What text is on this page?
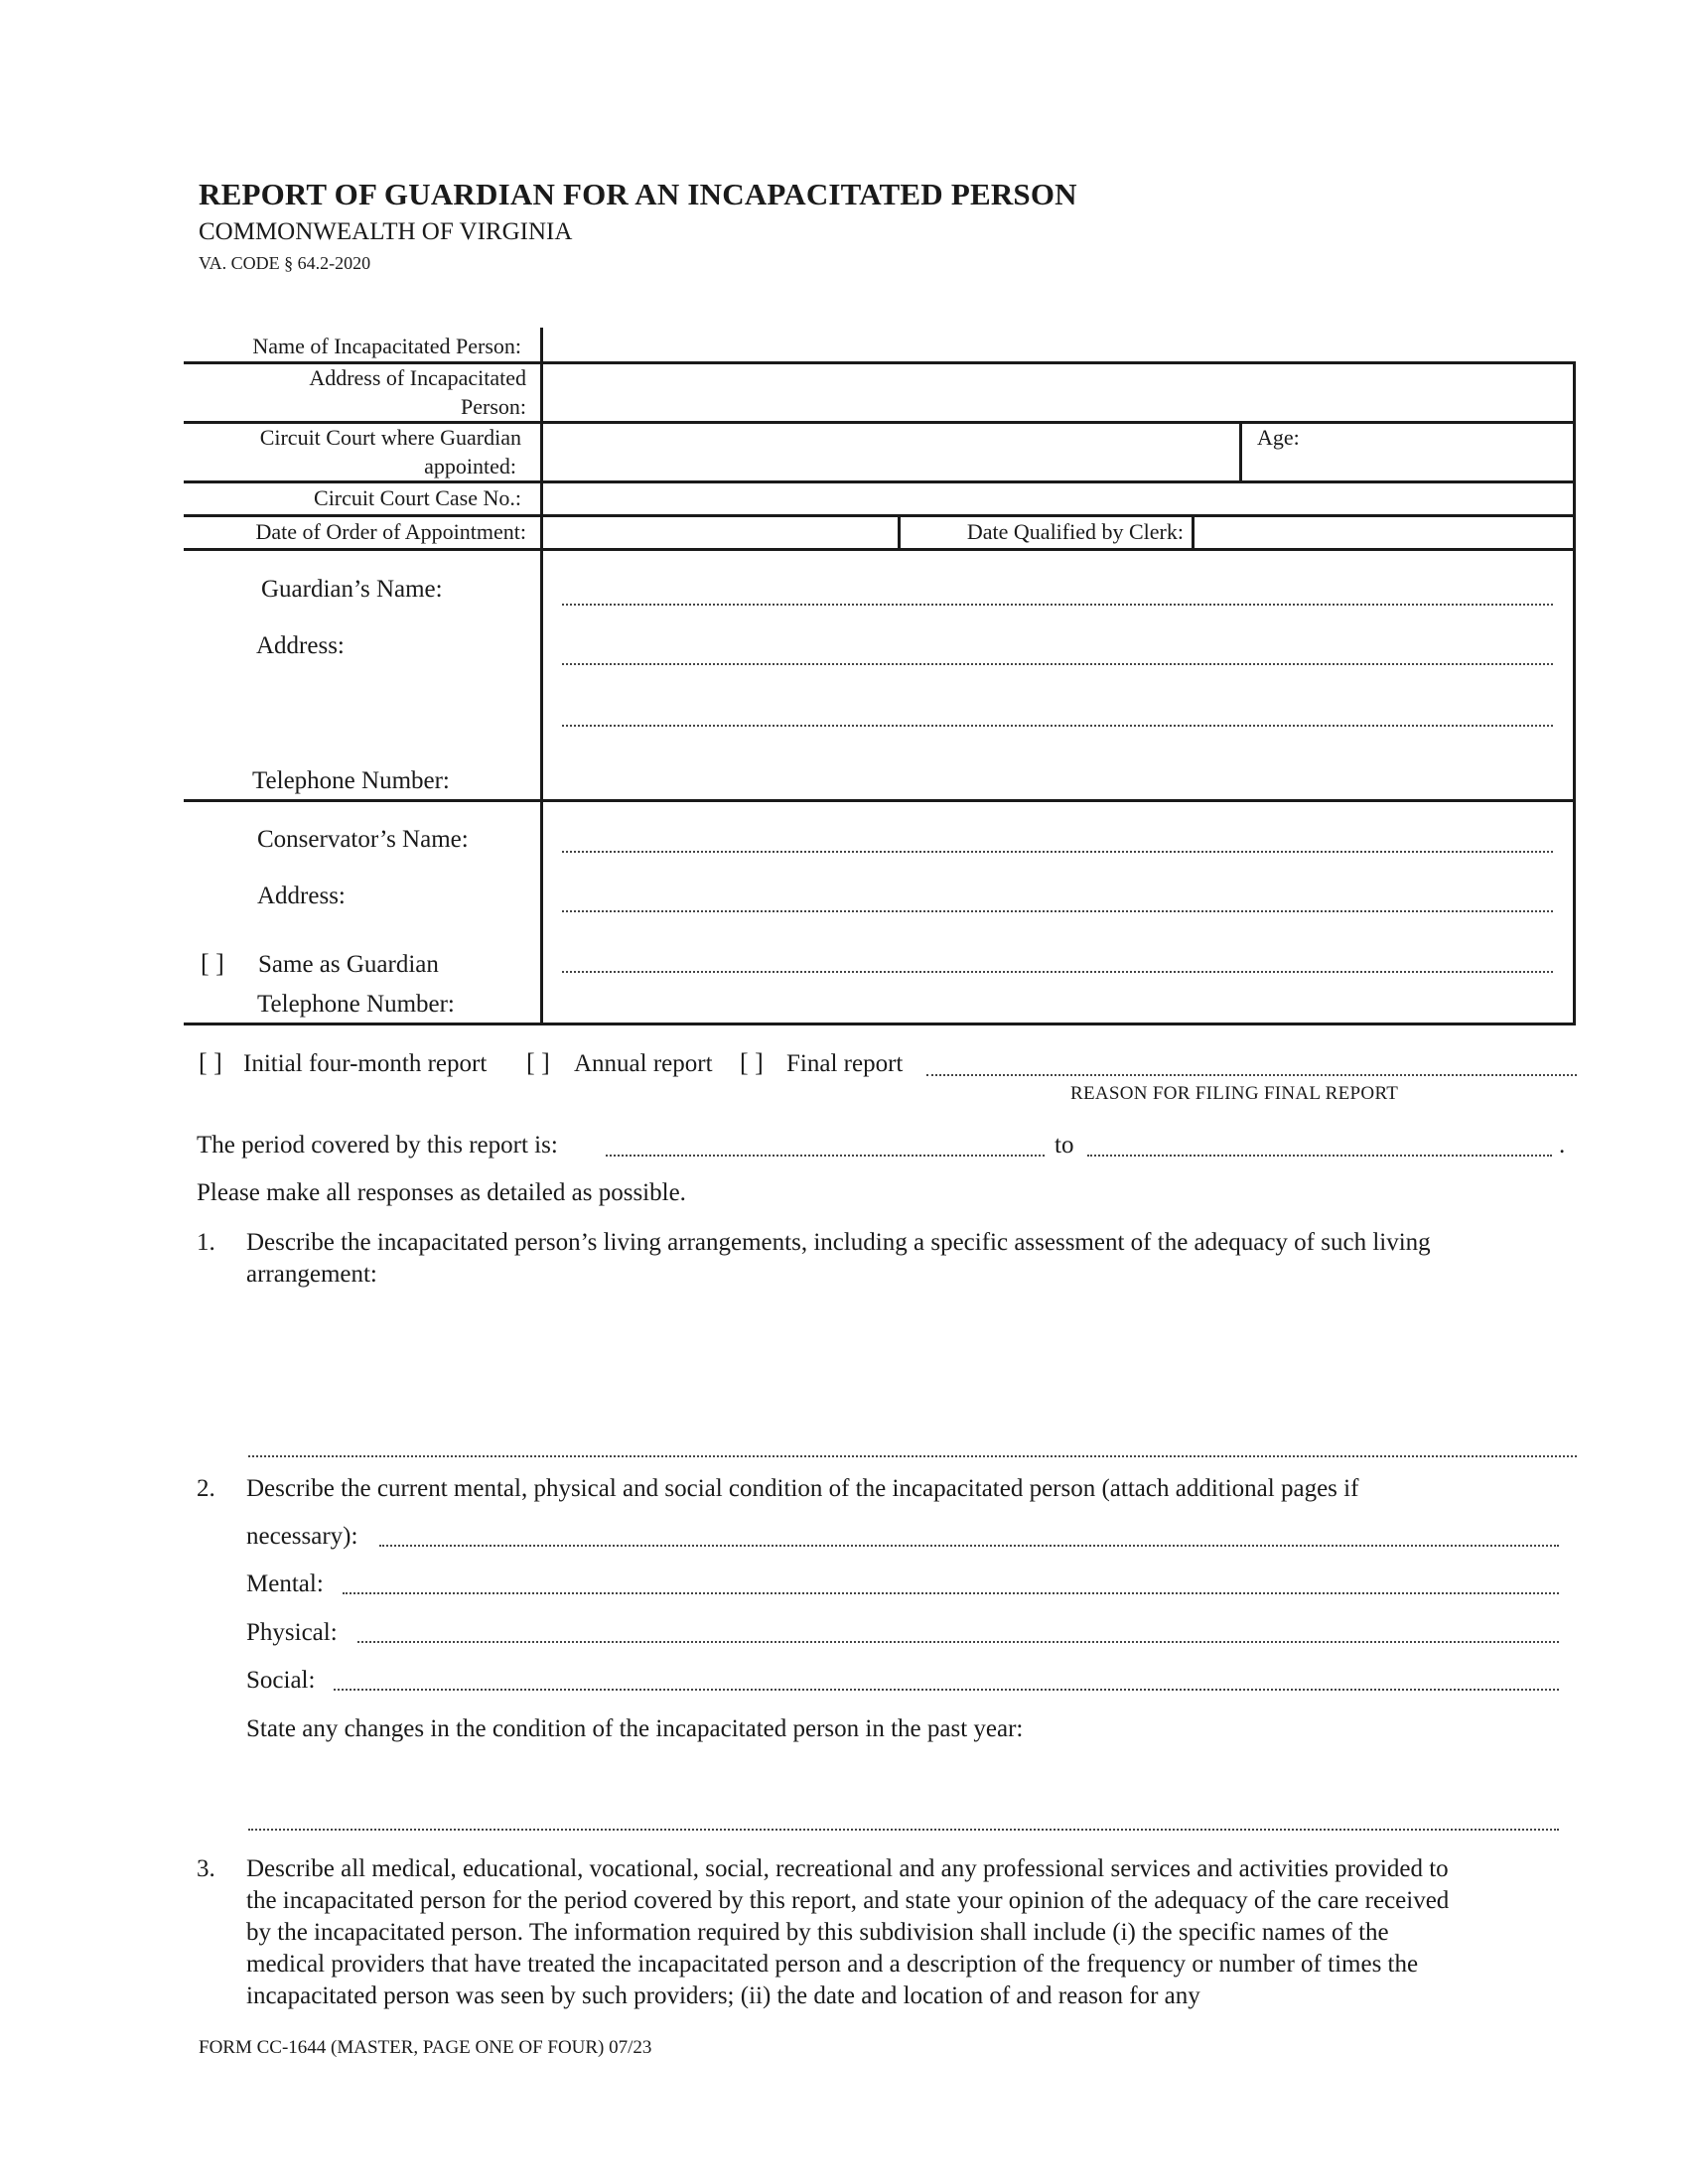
REPORT OF GUARDIAN FOR AN INCAPACITATED PERSON
COMMONWEALTH OF VIRGINIA
VA. CODE § 64.2-2020
Name of Incapacitated Person:
Address of Incapacitated
Person:
Circuit Court where Guardian
appointed:
Age:
Circuit Court Case No.:
Date of Order of Appointment:	Date Qualified by Clerk:
Guardian’s Name:
Address:
Telephone Number:
Conservator’s Name:
Address:
[ ] Same as Guardian
Telephone Number:
[ ] Initial four-month report [ ] Annual report [ ] Final report
REASON FOR FILING FINAL REPORT
The period covered by this report is:	to	.
Please make all responses as detailed as possible.
1. Describe the incapacitated person’s living arrangements, including a specific assessment of the adequacy of such living
arrangement:
2. Describe the current mental, physical and social condition of the incapacitated person (attach additional pages if
necessary):
Mental:
Physical:
Social:
State any changes in the condition of the incapacitated person in the past year:
3. Describe all medical, educational, vocational, social, recreational and any professional services and activities provided to
the incapacitated person for the period covered by this report, and state your opinion of the adequacy of the care received
by the incapacitated person. The information required by this subdivision shall include (i) the specific names of the
medical providers that have treated the incapacitated person and a description of the frequency or number of times the
incapacitated person was seen by such providers; (ii) the date and location of and reason for any
FORM CC-1644 (MASTER, PAGE ONE OF FOUR) 07/23
